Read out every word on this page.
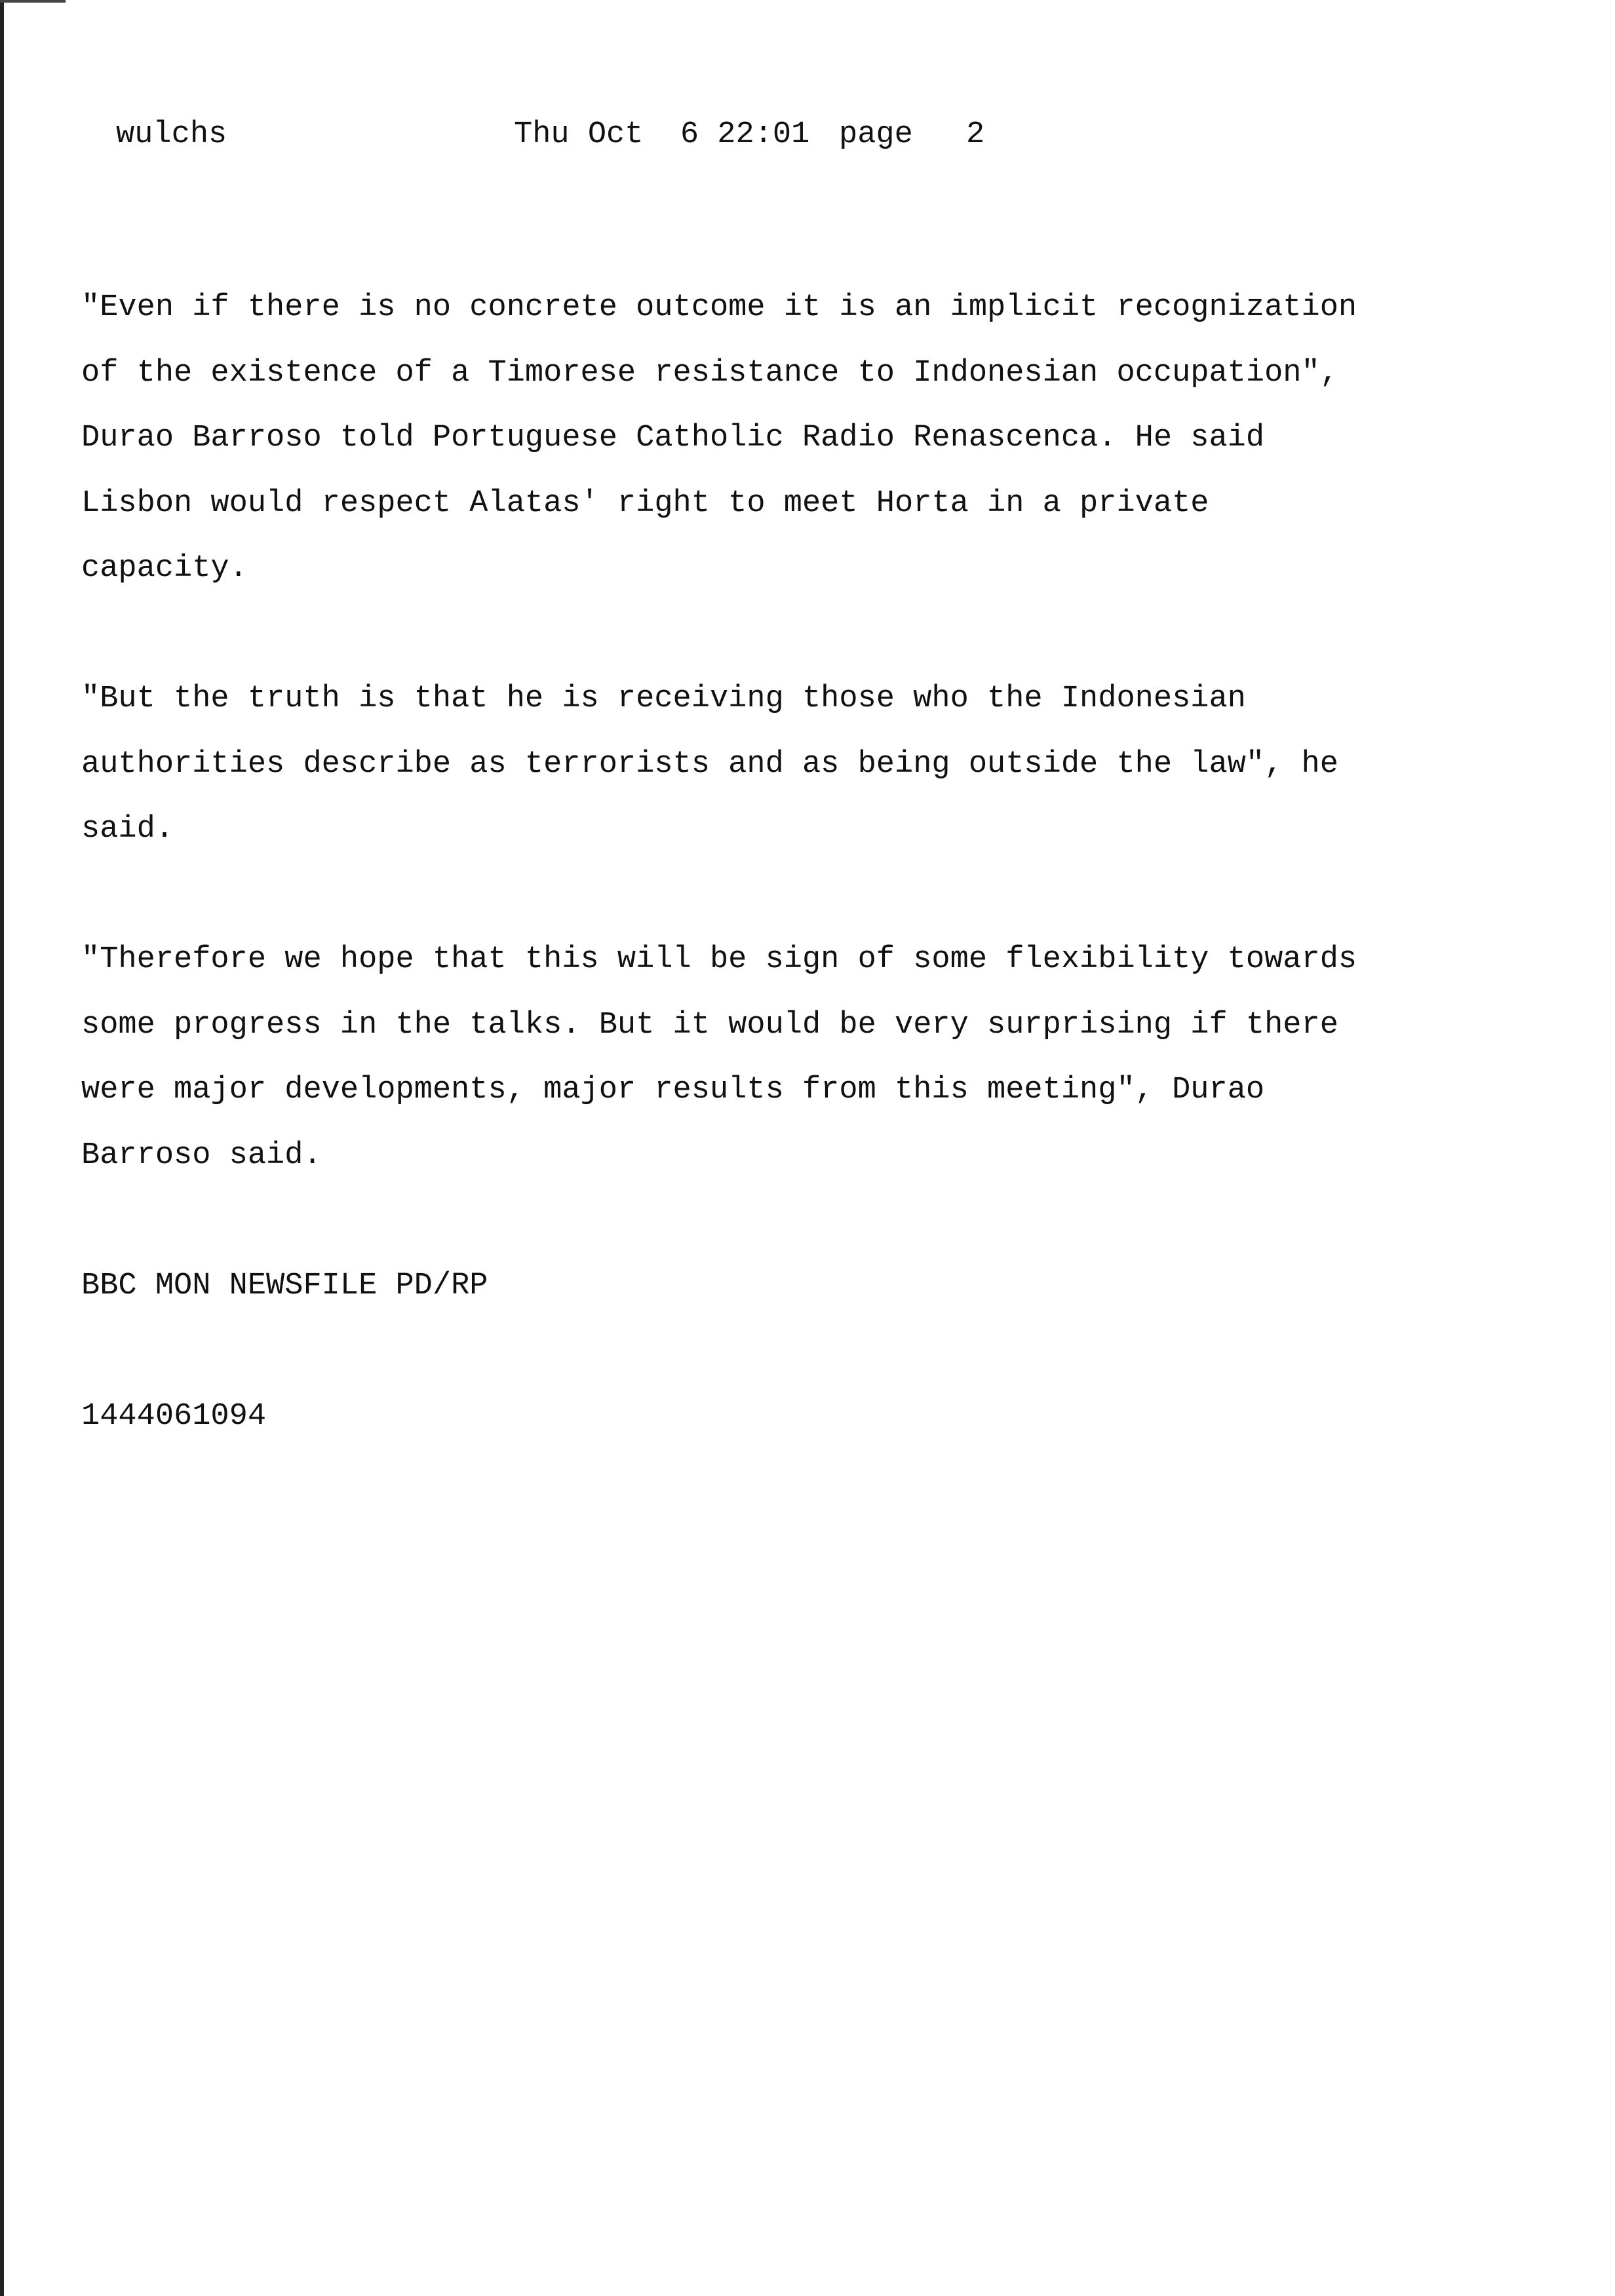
wulchs	Thu Oct  6 22:01 page 2
"Even if there is no concrete outcome it is an implicit recognization
of the existence of a Timorese resistance to Indonesian occupation",
Durao Barroso told Portuguese Catholic Radio Renascenca. He said
Lisbon would respect Alatas' right to meet Horta in a private
capacity.
"But the truth is that he is receiving those who the Indonesian
authorities describe as terrorists and as being outside the law", he
said.
"Therefore we hope that this will be sign of some flexibility towards
some progress in the talks. But it would be very surprising if there
were major developments, major results from this meeting", Durao
Barroso said.
BBC MON NEWSFILE PD/RP
1444061094
